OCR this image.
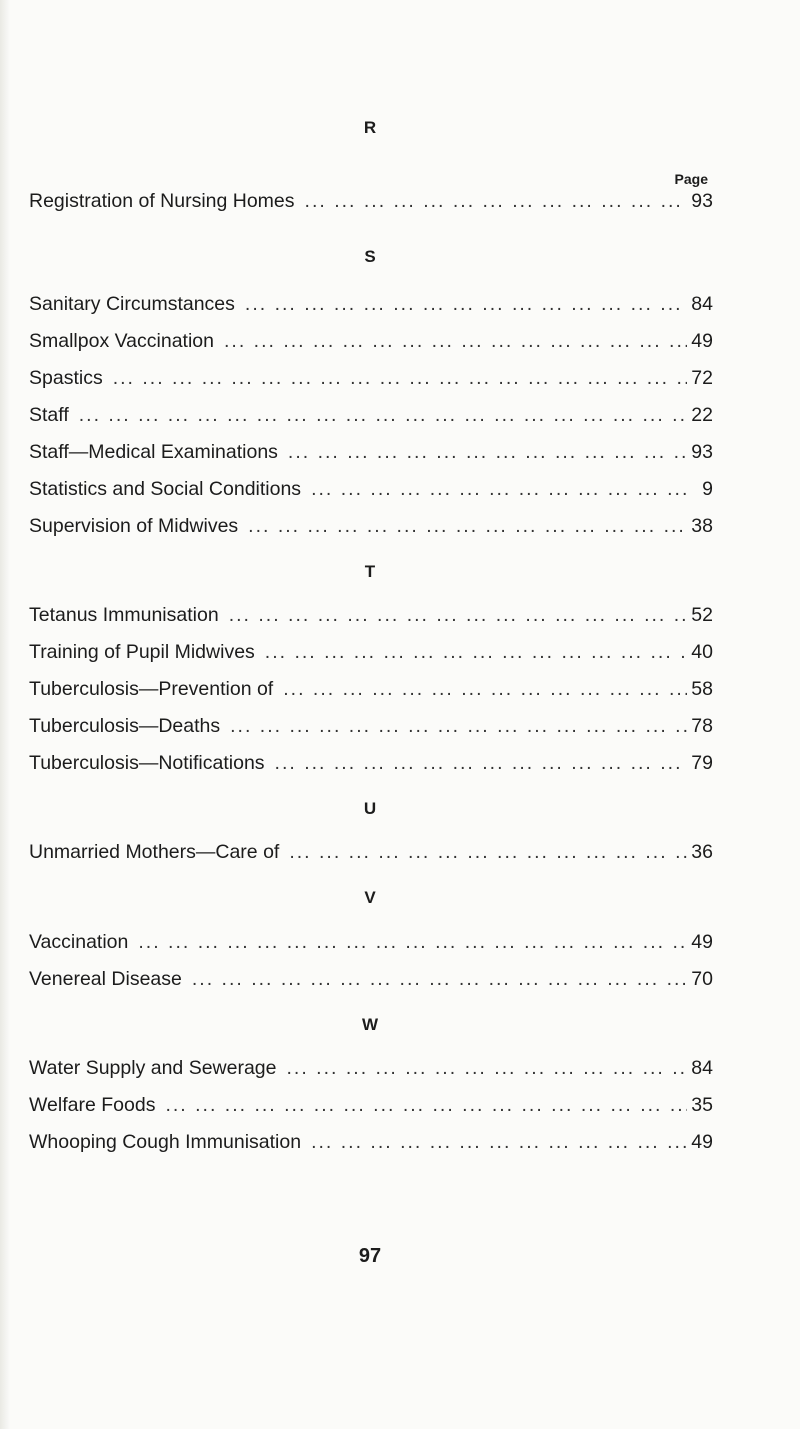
R
Page
Registration of Nursing Homes ... .	93
S
Sanitary Circumstances ... .	84
Smallpox Vaccination ... .	49
Spastics ... .	72
Staff ... .	22
Staff—Medical Examinations ... .	93
Statistics and Social Conditions ... .	9
Supervision of Midwives ... .	38
T
Tetanus Immunisation ... .	52
Training of Pupil Midwives ... .	40
Tuberculosis—Prevention of ... .	58
Tuberculosis—Deaths ... .	78
Tuberculosis—Notifications ... .	79
U
Unmarried Mothers—Care of ... .	36
V
Vaccination ... .	49
Venereal Disease ... .	70
W
Water Supply and Sewerage ... .	84
Welfare Foods ... .	35
Whooping Cough Immunisation ... .	49
97
